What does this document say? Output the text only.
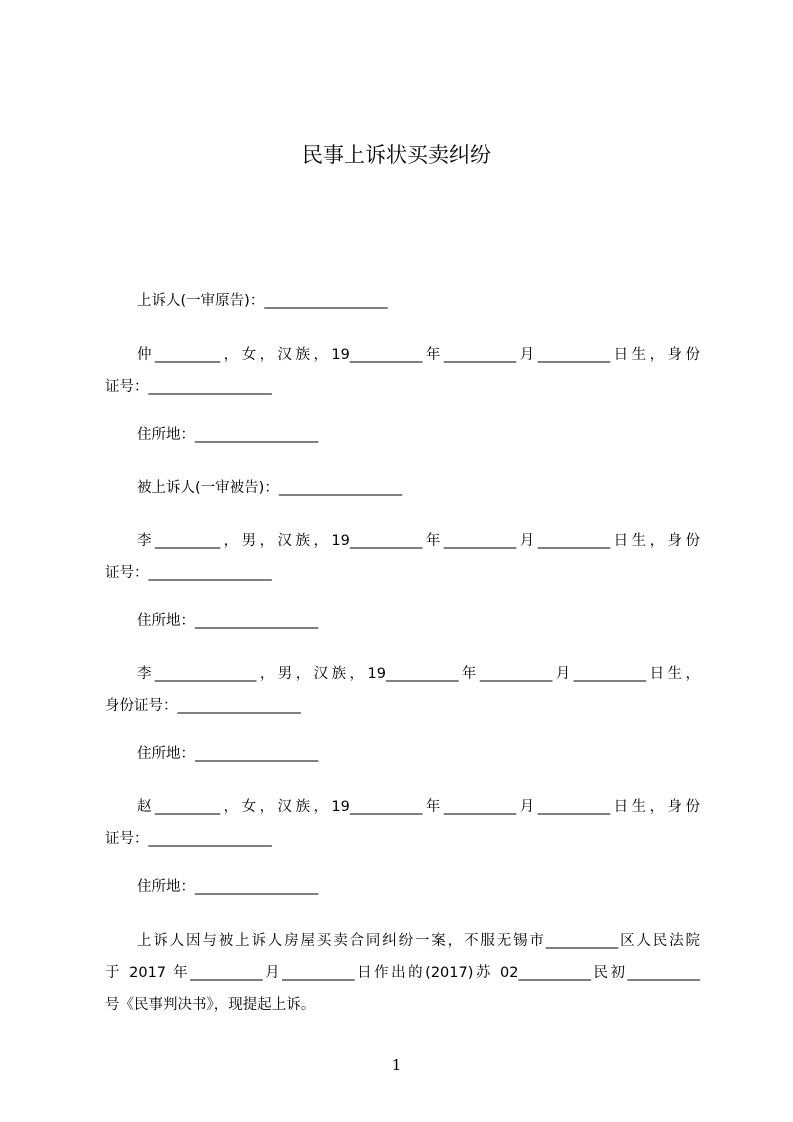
民事上诉状买卖纠纷
上诉人(一审原告)：_________________
仲_________，女，汉族，19__________年__________月__________日生，身份
证号：_________________
住所地：_________________
被上诉人(一审被告)：_________________
李_________，男，汉族，19__________年__________月__________日生，身份
证号：_________________
住所地：_________________
李______________，男，汉族，19__________年__________月__________日生，
身份证号：_________________
住所地：_________________
赵_________，女，汉族，19__________年__________月__________日生，身份
证号：_________________
住所地：_________________
上诉人因与被上诉人房屋买卖合同纠纷一案，不服无锡市__________区人民法院
于 2017 年__________月__________日作出的(2017)苏 02__________民初__________
号《民事判决书》，现提起上诉。
1
